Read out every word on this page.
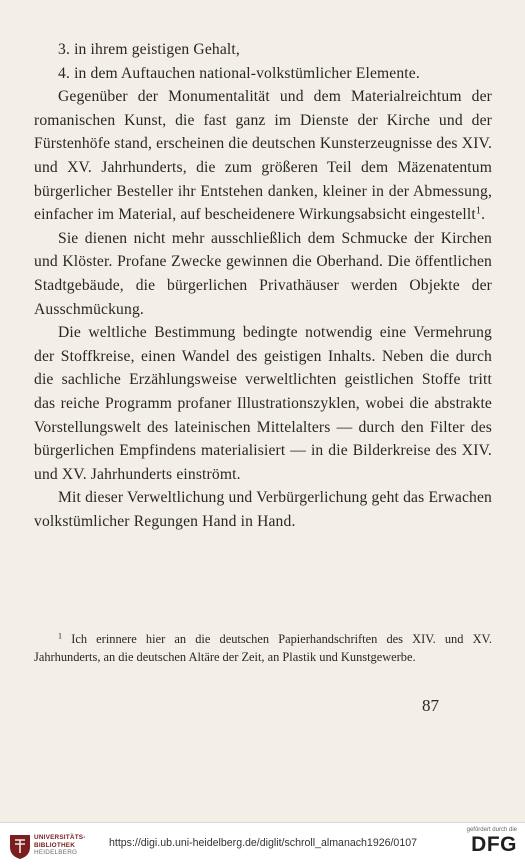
3. in ihrem geistigen Gehalt,

4. in dem Auftauchen national-volkstümlicher Elemente.

Gegenüber der Monumentalität und dem Materialreichtum der romanischen Kunst, die fast ganz im Dienste der Kirche und der Fürstenhöfe stand, erscheinen die deutschen Kunsterzeugnisse des XIV. und XV. Jahrhunderts, die zum größeren Teil dem Mäzenatentum bürgerlicher Besteller ihr Entstehen danken, kleiner in der Abmessung, einfacher im Material, auf bescheidenere Wirkungsabsicht eingestellt$^1$.

Sie dienen nicht mehr ausschließlich dem Schmucke der Kirchen und Klöster. Profane Zwecke gewinnen die Oberhand. Die öffentlichen Stadtgebäude, die bürgerlichen Privathäuser werden Objekte der Ausschmückung.

Die weltliche Bestimmung bedingte notwendig eine Vermehrung der Stoffkreise, einen Wandel des geistigen Inhalts. Neben die durch die sachliche Erzählungsweise verweltlichten geistlichen Stoffe tritt das reiche Programm profaner Illustrationszyklen, wobei die abstrakte Vorstellungswelt des lateinischen Mittelalters — durch den Filter des bürgerlichen Empfindens materialisiert — in die Bilderkreise des XIV. und XV. Jahrhunderts einströmt.

Mit dieser Verweltlichung und Verbürgerlichung geht das Erwachen volkstümlicher Regungen Hand in Hand.

$^1$ Ich erinnere hier an die deutschen Papierhandschriften des XIV. und XV. Jahrhunderts, an die deutschen Altäre der Zeit, an Plastik und Kunstgewerbe.

87
UNIVERSITÄTS-
BIBLIOTHEK
HEIDELBERG
https://digi.ub.uni-heidelberg.de/diglit/schroll_almanach1926/0107
gefördert durch die
DFG
